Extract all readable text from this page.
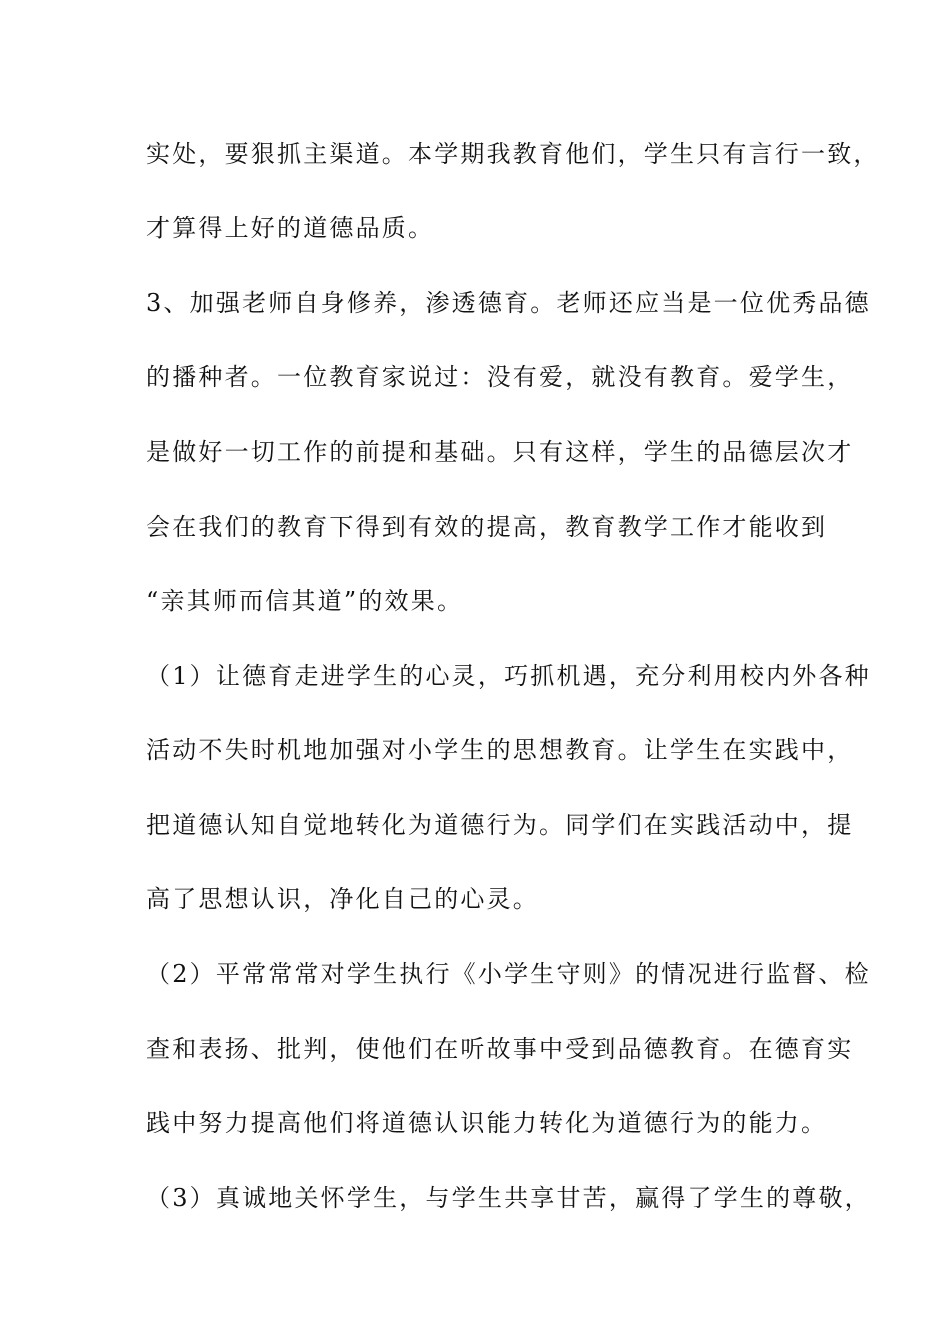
实处，要狠抓主渠道。本学期我教育他们，学生只有言行一致，
才算得上好的道德品质。
3、加强老师自身修养，渗透德育。老师还应当是一位优秀品德
的播种者。一位教育家说过：没有爱，就没有教育。爱学生，
是做好一切工作的前提和基础。只有这样，学生的品德层次才
会在我们的教育下得到有效的提高，教育教学工作才能收到
“亲其师而信其道”的效果。
（1）让德育走进学生的心灵，巧抓机遇，充分利用校内外各种
活动不失时机地加强对小学生的思想教育。让学生在实践中，
把道德认知自觉地转化为道德行为。同学们在实践活动中，提
高了思想认识，净化自己的心灵。
（2）平常常常对学生执行《小学生守则》的情况进行监督、检
查和表扬、批判，使他们在听故事中受到品德教育。在德育实
践中努力提高他们将道德认识能力转化为道德行为的能力。
（3）真诚地关怀学生，与学生共享甘苦，赢得了学生的尊敬，
